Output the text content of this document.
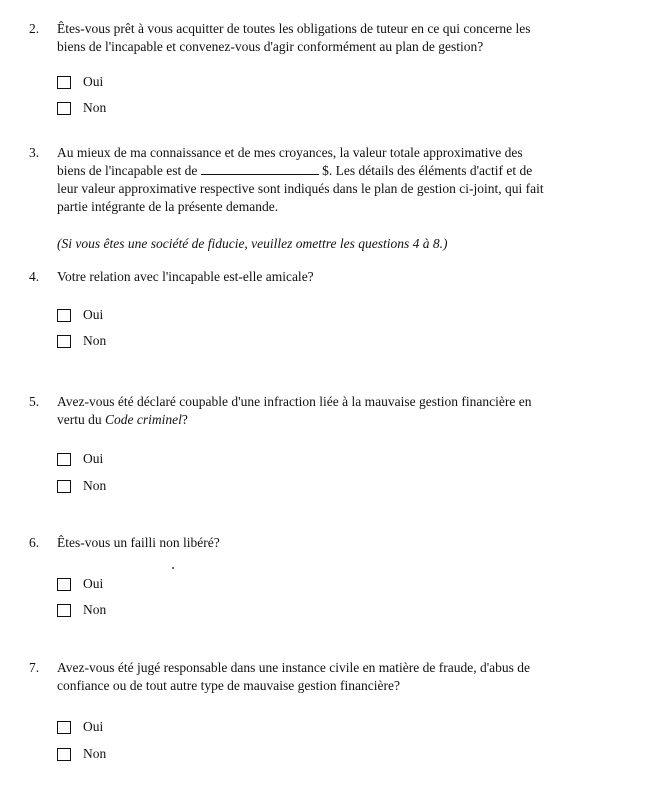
2. Êtes-vous prêt à vous acquitter de toutes les obligations de tuteur en ce qui concerne les
biens de l'incapable et convenez-vous d'agir conformément au plan de gestion?
Oui
Non
3. Au mieux de ma connaissance et de mes croyances, la valeur totale approximative des
biens de l'incapable est de	$. Les détails des éléments d'actif et de
leur valeur approximative respective sont indiqués dans le plan de gestion ci-joint, qui fait
partie intégrante de la présente demande.
(Si vous êtes une société de fiducie, veuillez omettre les questions 4 à 8.)
4. Votre relation avec l'incapable est-elle amicale?
Oui
Non
5. Avez-vous été déclaré coupable d'une infraction liée à la mauvaise gestion financière en
vertu du Code criminel?
Oui
Non
6. Êtes-vous un failli non libéré?
Oui
Non
7. Avez-vous été jugé responsable dans une instance civile en matière de fraude, d'abus de
confiance ou de tout autre type de mauvaise gestion financière?
Oui
Non
